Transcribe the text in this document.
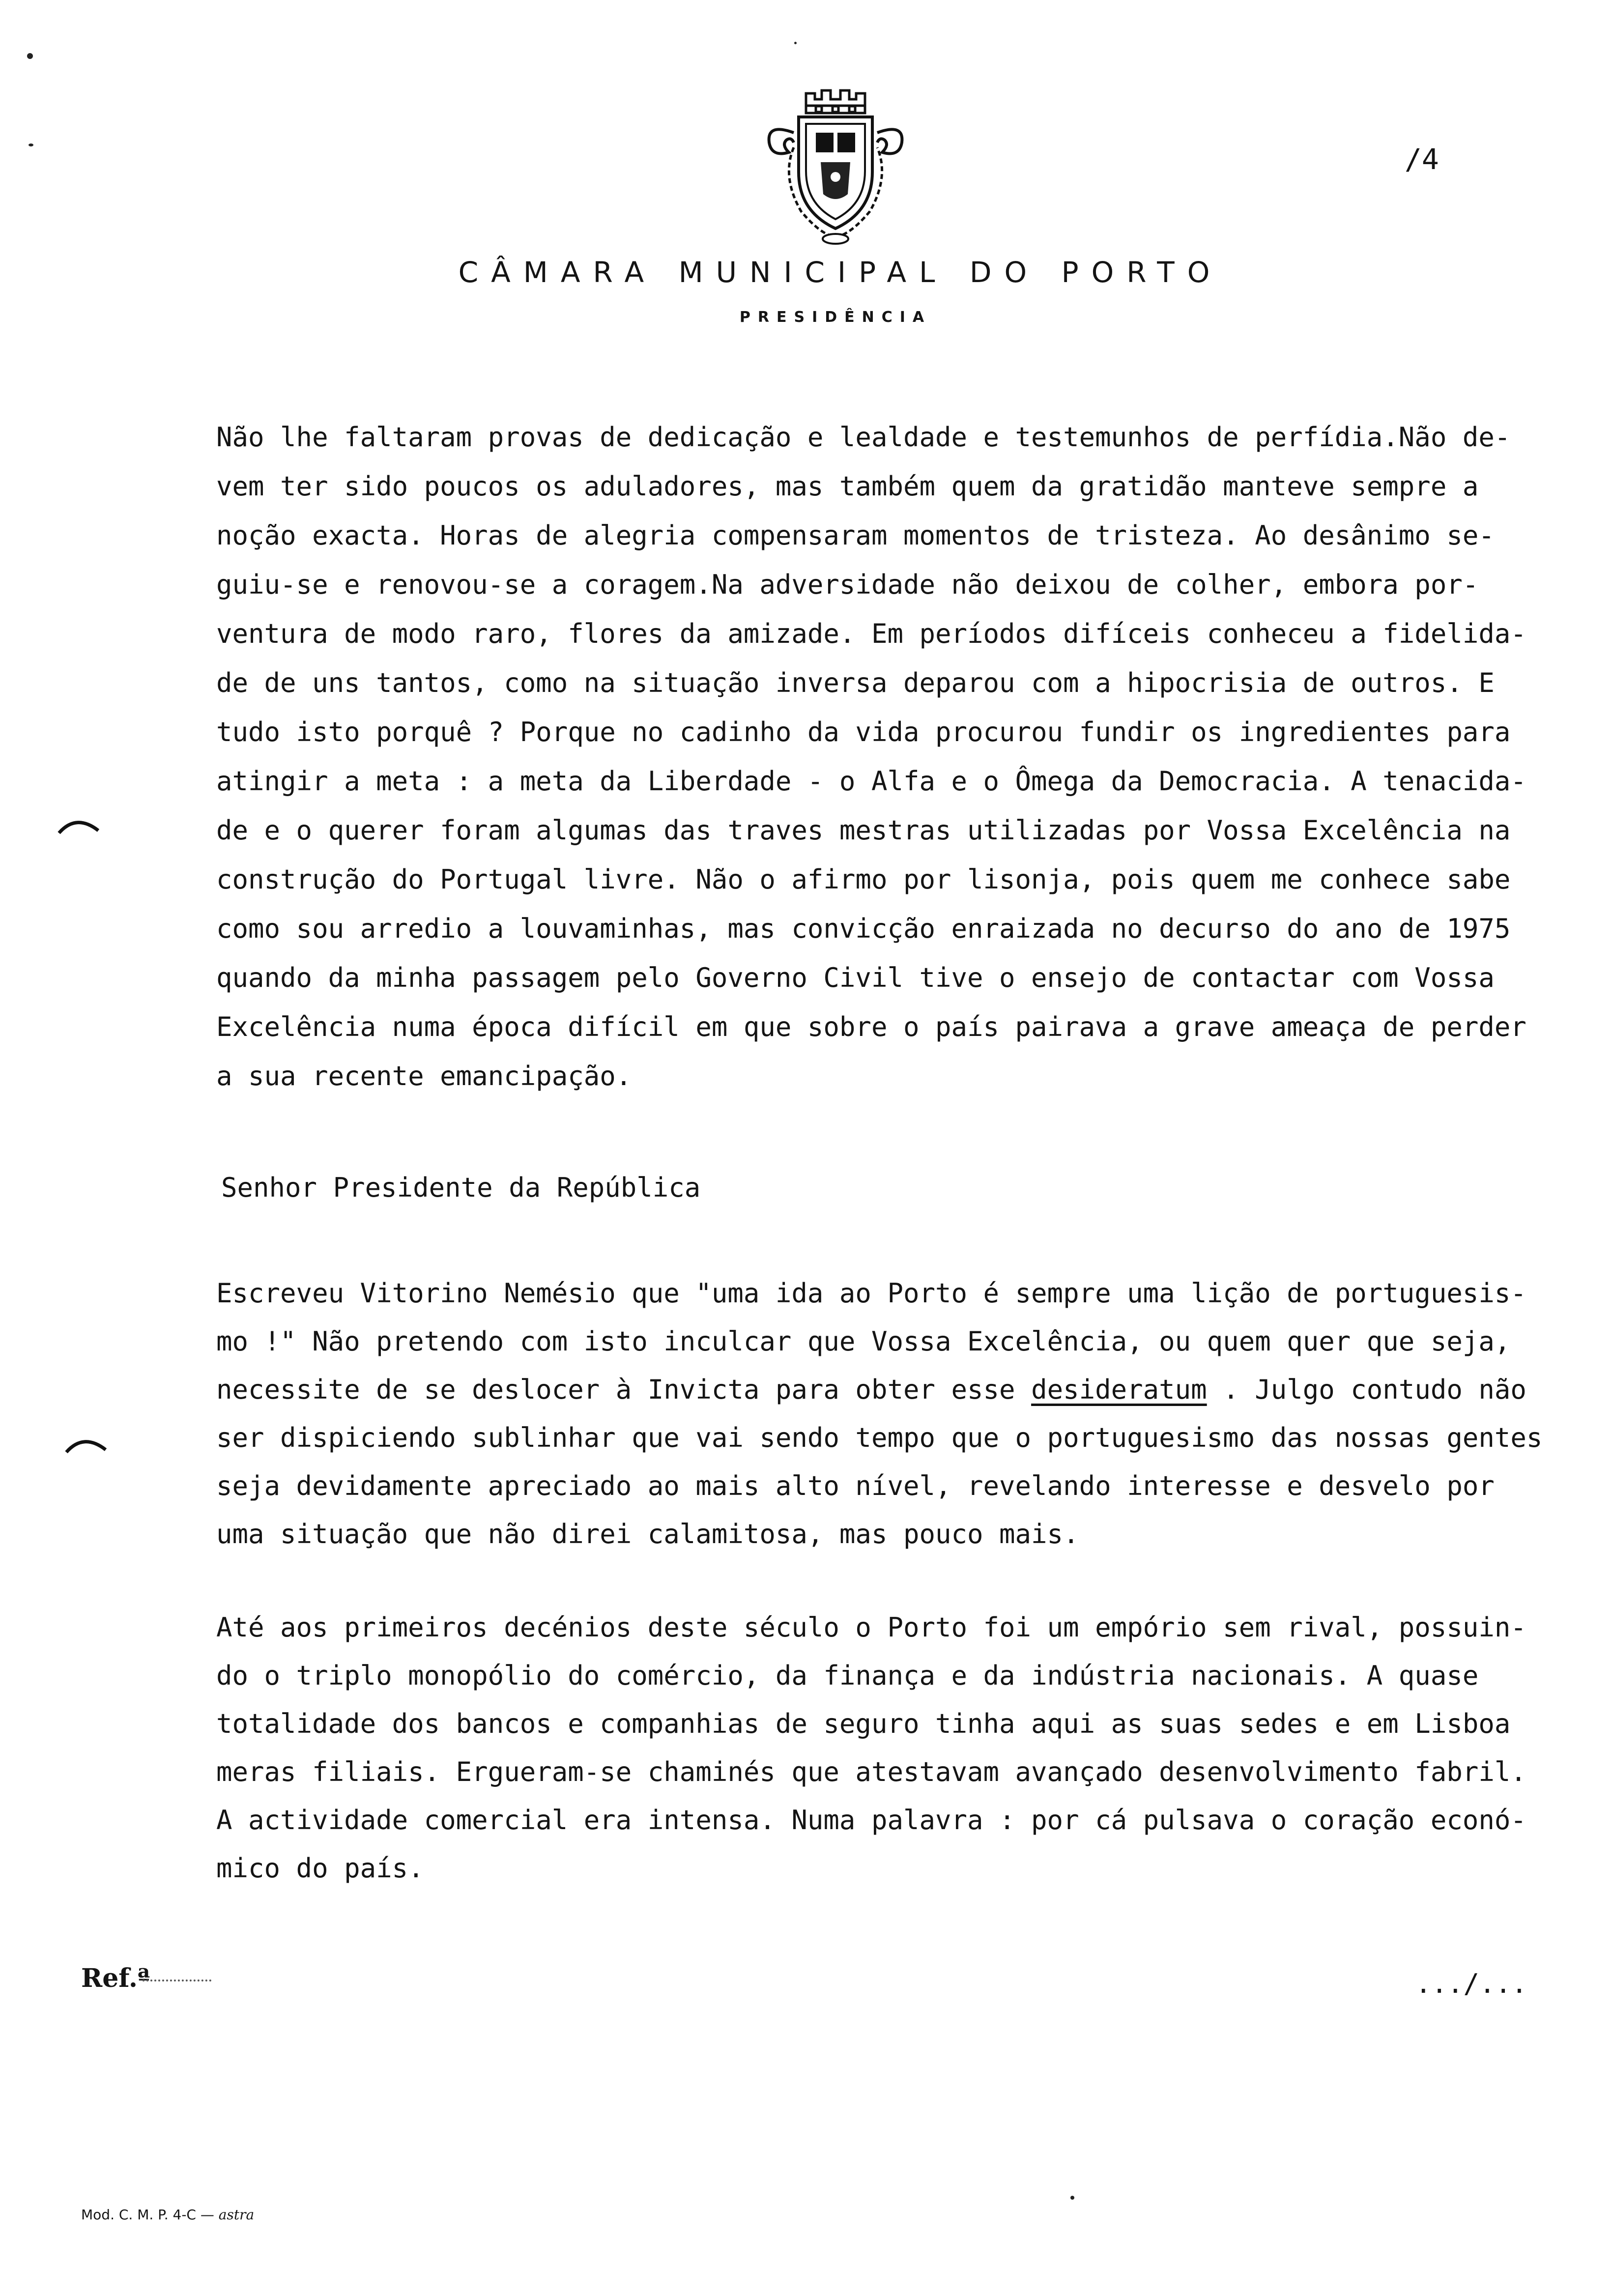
/4
CÂMARA MUNICIPAL DO PORTO
PRESIDÊNCIA
Não lhe faltaram provas de dedicação e lealdade e testemunhos de perfídia.Não de-
vem ter sido poucos os aduladores, mas também quem da gratidão manteve sempre a
noção exacta. Horas de alegria compensaram momentos de tristeza. Ao desânimo se-
guiu-se e renovou-se a coragem.Na adversidade não deixou de colher, embora por-
ventura de modo raro, flores da amizade. Em períodos difíceis conheceu a fidelida-
de de uns tantos, como na situação inversa deparou com a hipocrisia de outros. E
tudo isto porquê ? Porque no cadinho da vida procurou fundir os ingredientes para
atingir a meta : a meta da Liberdade - o Alfa e o Ômega da Democracia. A tenacida-
de e o querer foram algumas das traves mestras utilizadas por Vossa Excelência na
construção do Portugal livre. Não o afirmo por lisonja, pois quem me conhece sabe
como sou arredio a louvaminhas, mas convicção enraizada no decurso do ano de 1975
quando da minha passagem pelo Governo Civil tive o ensejo de contactar com Vossa
Excelência numa época difícil em que sobre o país pairava a grave ameaça de perder
a sua recente emancipação.
Senhor Presidente da República
Escreveu Vitorino Nemésio que "uma ida ao Porto é sempre uma lição de portuguesis-
mo !" Não pretendo com isto inculcar que Vossa Excelência, ou quem quer que seja,
necessite de se deslocer à Invicta para obter esse desideratum . Julgo contudo não
ser dispiciendo sublinhar que vai sendo tempo que o portuguesismo das nossas gentes
seja devidamente apreciado ao mais alto nível, revelando interesse e desvelo por
uma situação que não direi calamitosa, mas pouco mais.
Até aos primeiros decénios deste século o Porto foi um empório sem rival, possuin-
do o triplo monopólio do comércio, da finança e da indústria nacionais. A quase
totalidade dos bancos e companhias de seguro tinha aqui as suas sedes e em Lisboa
meras filiais. Ergueram-se chaminés que atestavam avançado desenvolvimento fabril.
A actividade comercial era intensa. Numa palavra : por cá pulsava o coração econó-
mico do país.
Ref.ª	.../...
Mod. C. M. P. 4-C — astra
